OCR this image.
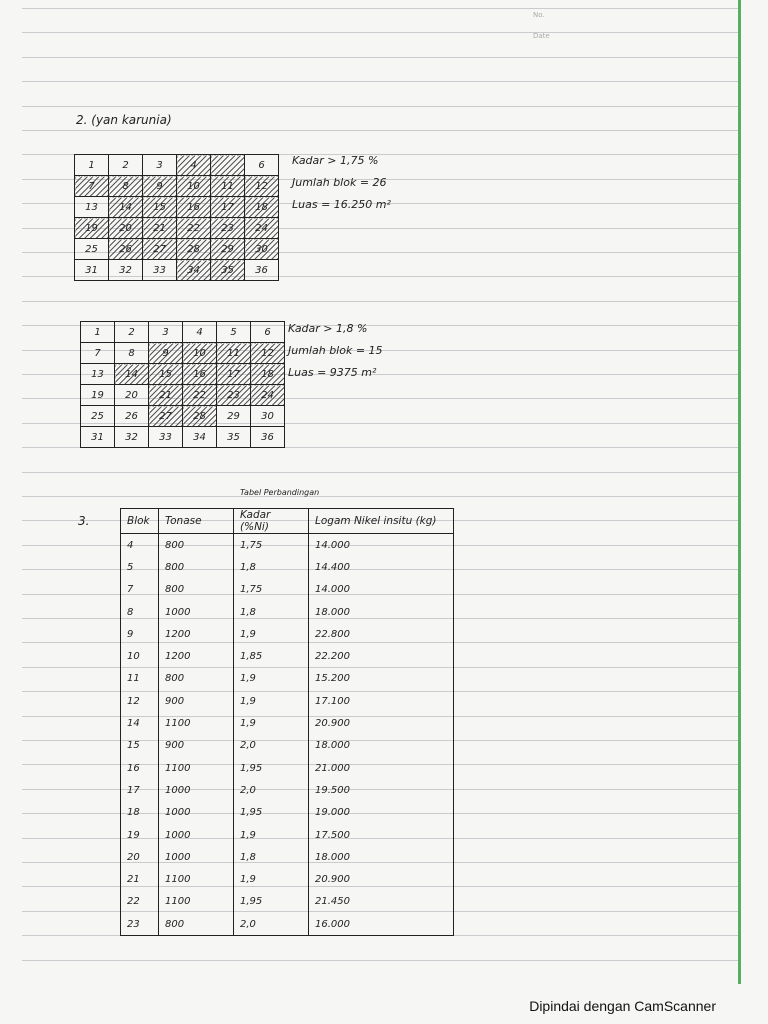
No.
Date
2. (yan karunia)
1	2	3	4		6
7	8	9	10	11	12
13	14	15	16	17	18
19	20	21	22	23	24
25	26	27	28	29	30
31	32	33	34	35	36
Kadar > 1,75 %
Jumlah blok = 26
Luas = 16.250 m²
1	2	3	4	5	6
7	8	9	10	11	12
13	14	15	16	17	18
19	20	21	22	23	24
25	26	27	28	29	30
31	32	33	34	35	36
Kadar > 1,8 %
Jumlah blok = 15
Luas = 9375 m²
3.
Tabel Perbandingan
Blok	Tonase	Kadar (%Ni)	Logam Nikel insitu (kg)
4	800	1,75	14.000
5	800	1,8	14.400
7	800	1,75	14.000
8	1000	1,8	18.000
9	1200	1,9	22.800
10	1200	1,85	22.200
11	800	1,9	15.200
12	900	1,9	17.100
14	1100	1,9	20.900
15	900	2,0	18.000
16	1100	1,95	21.000
17	1000	2,0	19.500
18	1000	1,95	19.000
19	1000	1,9	17.500
20	1000	1,8	18.000
21	1100	1,9	20.900
22	1100	1,95	21.450
23	800	2,0	16.000
Dipindai dengan CamScanner
